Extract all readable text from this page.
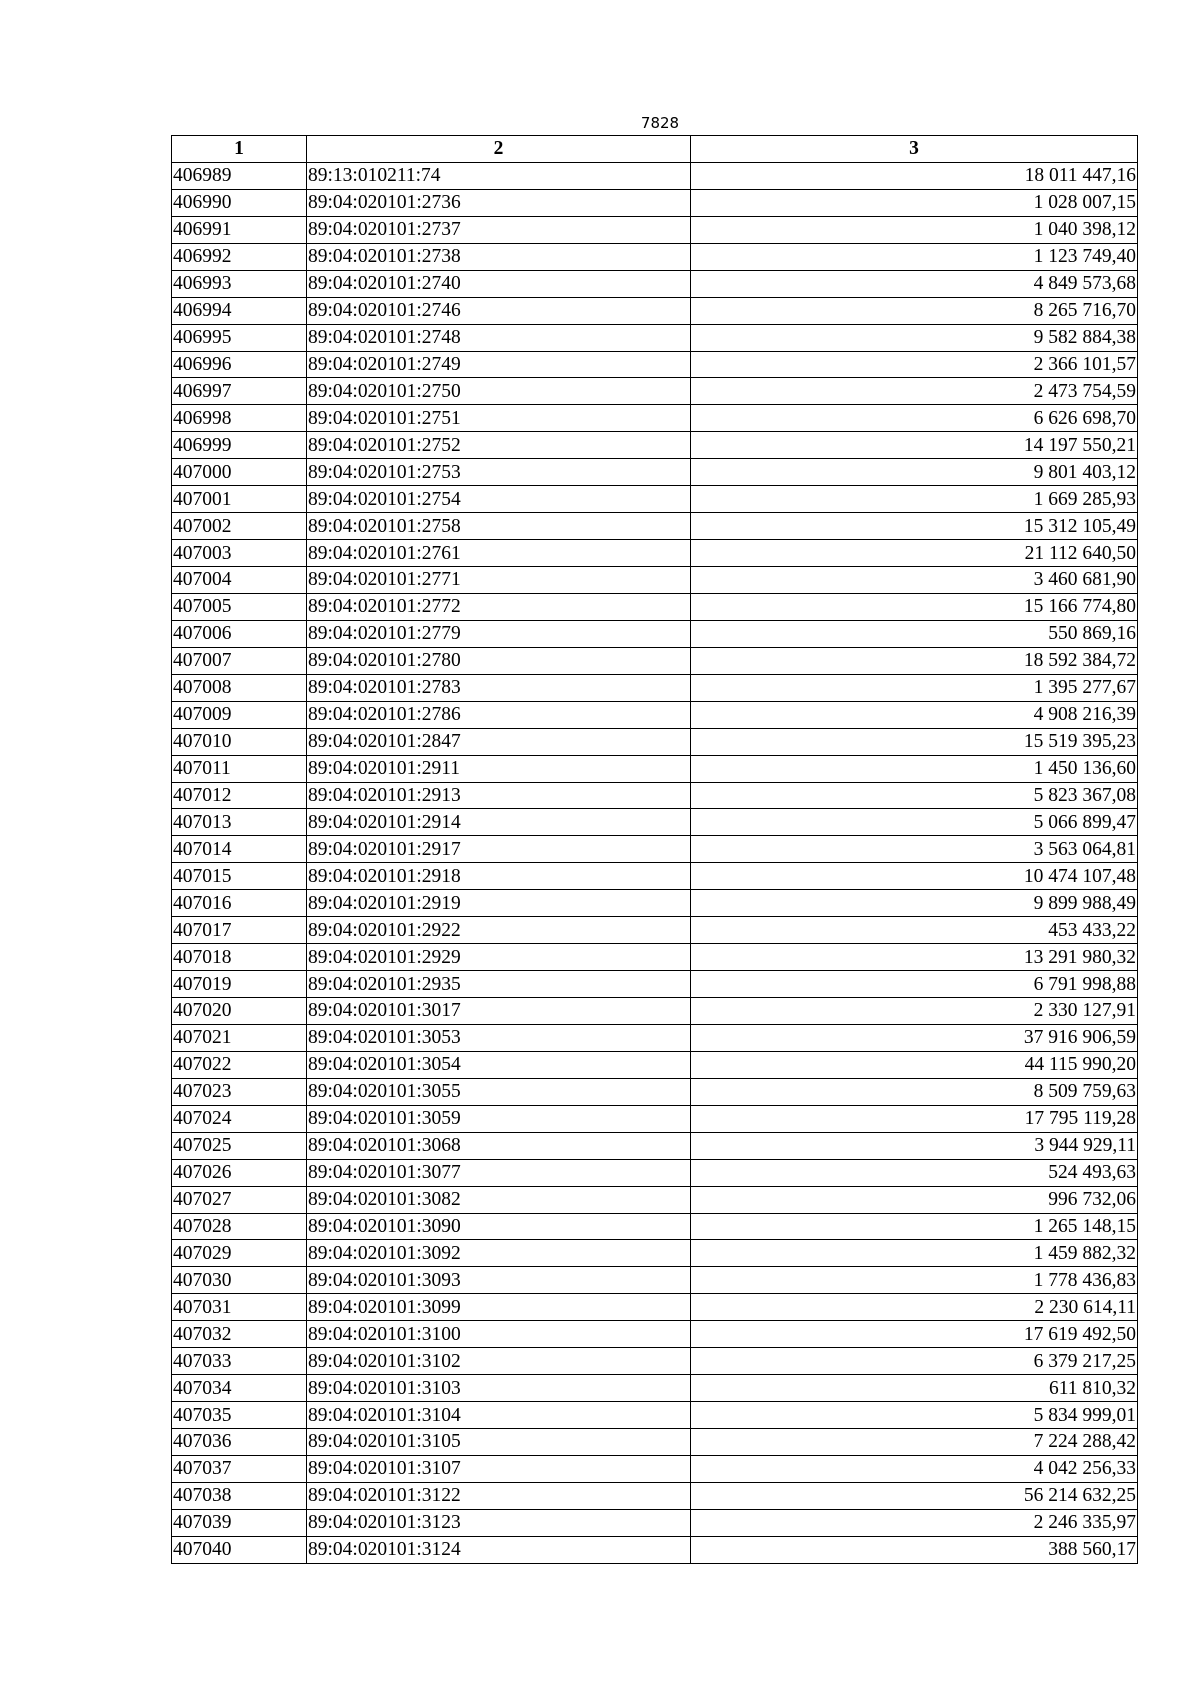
7828
1	2	3
406989	89:13:010211:74	18 011 447,16
406990	89:04:020101:2736	1 028 007,15
406991	89:04:020101:2737	1 040 398,12
406992	89:04:020101:2738	1 123 749,40
406993	89:04:020101:2740	4 849 573,68
406994	89:04:020101:2746	8 265 716,70
406995	89:04:020101:2748	9 582 884,38
406996	89:04:020101:2749	2 366 101,57
406997	89:04:020101:2750	2 473 754,59
406998	89:04:020101:2751	6 626 698,70
406999	89:04:020101:2752	14 197 550,21
407000	89:04:020101:2753	9 801 403,12
407001	89:04:020101:2754	1 669 285,93
407002	89:04:020101:2758	15 312 105,49
407003	89:04:020101:2761	21 112 640,50
407004	89:04:020101:2771	3 460 681,90
407005	89:04:020101:2772	15 166 774,80
407006	89:04:020101:2779	550 869,16
407007	89:04:020101:2780	18 592 384,72
407008	89:04:020101:2783	1 395 277,67
407009	89:04:020101:2786	4 908 216,39
407010	89:04:020101:2847	15 519 395,23
407011	89:04:020101:2911	1 450 136,60
407012	89:04:020101:2913	5 823 367,08
407013	89:04:020101:2914	5 066 899,47
407014	89:04:020101:2917	3 563 064,81
407015	89:04:020101:2918	10 474 107,48
407016	89:04:020101:2919	9 899 988,49
407017	89:04:020101:2922	453 433,22
407018	89:04:020101:2929	13 291 980,32
407019	89:04:020101:2935	6 791 998,88
407020	89:04:020101:3017	2 330 127,91
407021	89:04:020101:3053	37 916 906,59
407022	89:04:020101:3054	44 115 990,20
407023	89:04:020101:3055	8 509 759,63
407024	89:04:020101:3059	17 795 119,28
407025	89:04:020101:3068	3 944 929,11
407026	89:04:020101:3077	524 493,63
407027	89:04:020101:3082	996 732,06
407028	89:04:020101:3090	1 265 148,15
407029	89:04:020101:3092	1 459 882,32
407030	89:04:020101:3093	1 778 436,83
407031	89:04:020101:3099	2 230 614,11
407032	89:04:020101:3100	17 619 492,50
407033	89:04:020101:3102	6 379 217,25
407034	89:04:020101:3103	611 810,32
407035	89:04:020101:3104	5 834 999,01
407036	89:04:020101:3105	7 224 288,42
407037	89:04:020101:3107	4 042 256,33
407038	89:04:020101:3122	56 214 632,25
407039	89:04:020101:3123	2 246 335,97
407040	89:04:020101:3124	388 560,17
